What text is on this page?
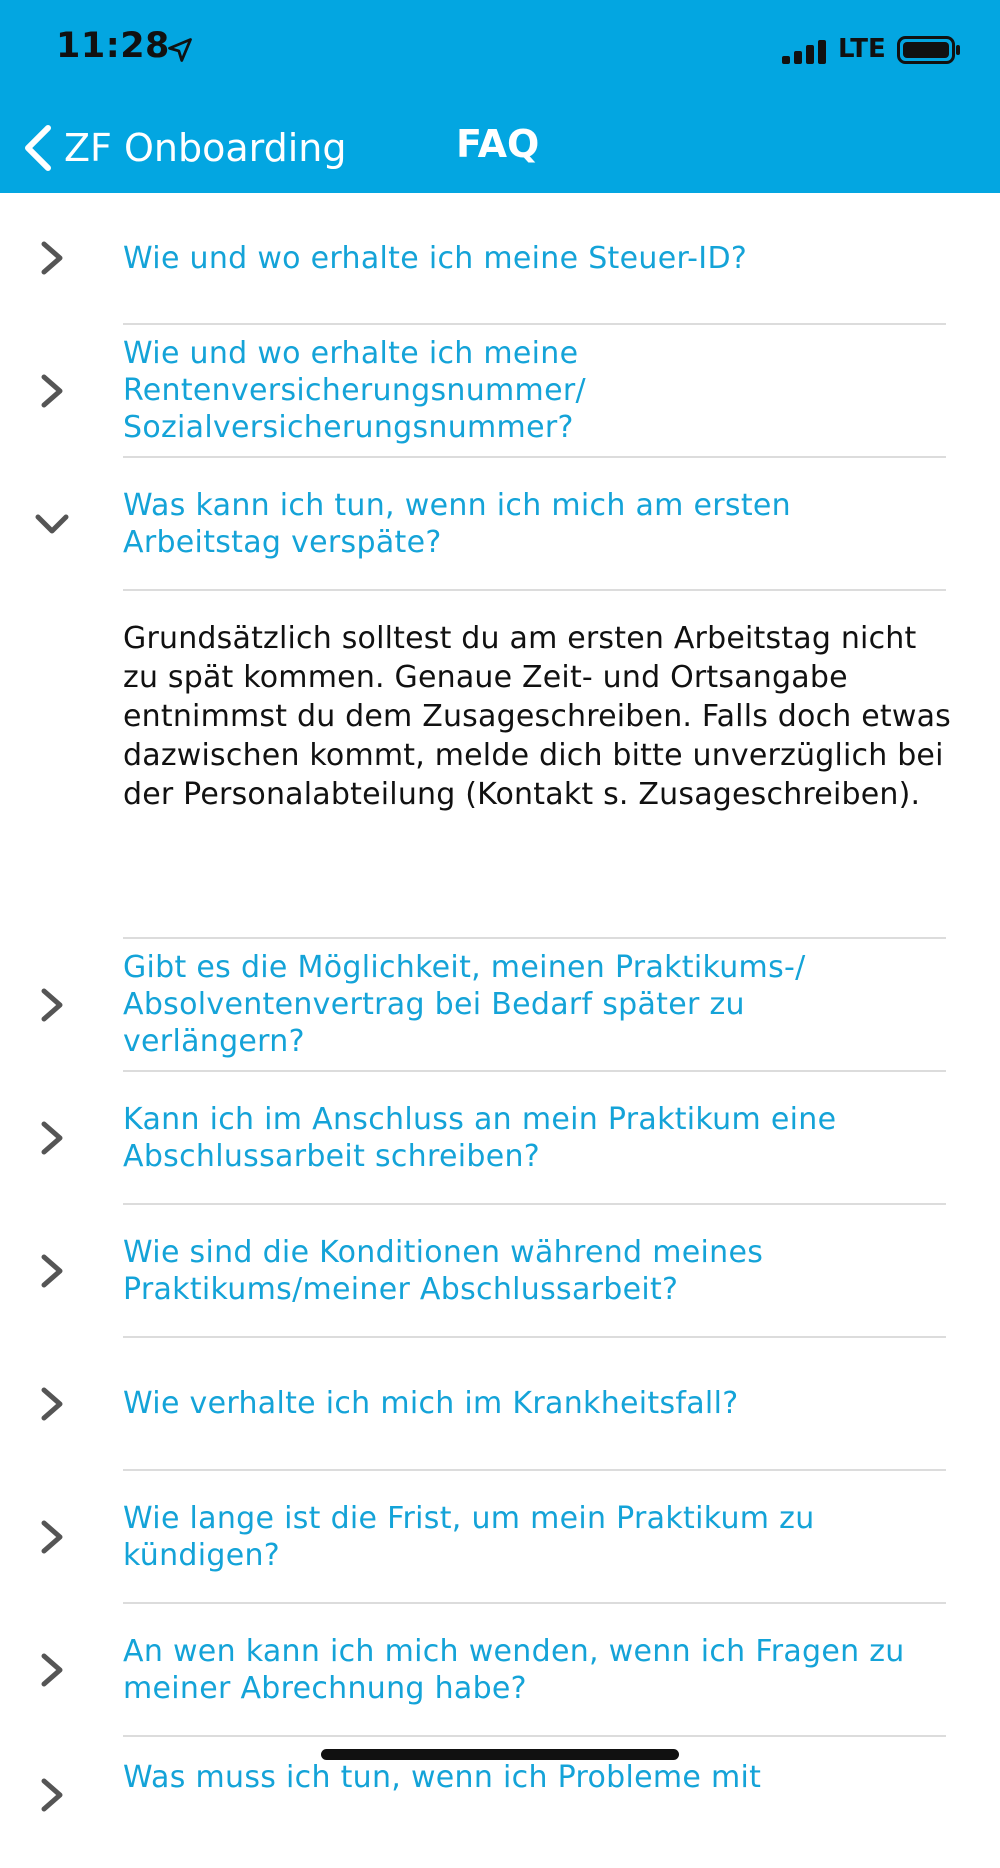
11:28	LTE
ZF Onboarding	FAQ
Wie und wo erhalte ich meine Steuer-ID?
Wie und wo erhalte ich meine Rentenversicherungsnummer/ Sozialversicherungsnummer?
Was kann ich tun, wenn ich mich am ersten Arbeitstag verspäte?
Grundsätzlich solltest du am ersten Arbeitstag nicht zu spät kommen. Genaue Zeit- und Ortsangabe entnimmst du dem Zusageschreiben. Falls doch etwas dazwischen kommt, melde dich bitte unverzüglich bei der Personalabteilung (Kontakt s. Zusageschreiben).
Gibt es die Möglichkeit, meinen Praktikums-/ Absolventenvertrag bei Bedarf später zu verlängern?
Kann ich im Anschluss an mein Praktikum eine Abschlussarbeit schreiben?
Wie sind die Konditionen während meines Praktikums/meiner Abschlussarbeit?
Wie verhalte ich mich im Krankheitsfall?
Wie lange ist die Frist, um mein Praktikum zu kündigen?
An wen kann ich mich wenden, wenn ich Fragen zu meiner Abrechnung habe?
Was muss ich tun, wenn ich Probleme mit
